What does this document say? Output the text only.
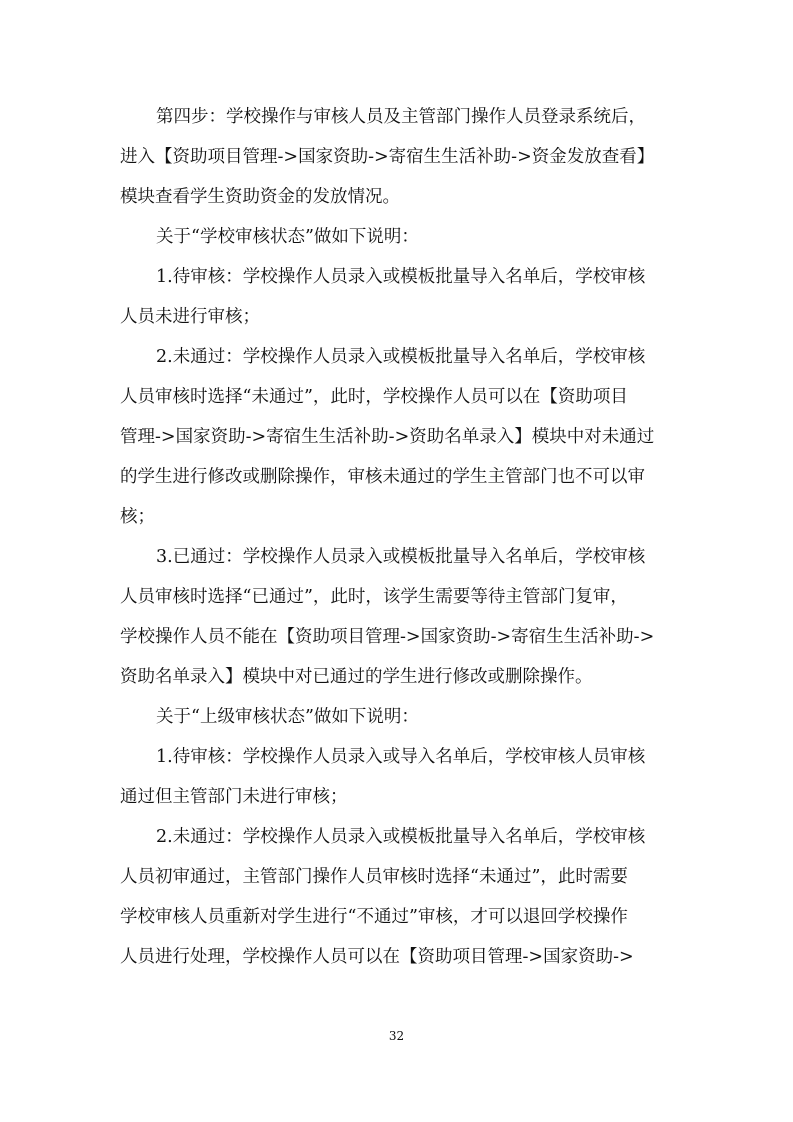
第四步：学校操作与审核人员及主管部门操作人员登录系统后，
进入【资助项目管理->国家资助->寄宿生生活补助->资金发放查看】
模块查看学生资助资金的发放情况。
关于“学校审核状态”做如下说明：
1.待审核：学校操作人员录入或模板批量导入名单后，学校审核
人员未进行审核；
2.未通过：学校操作人员录入或模板批量导入名单后，学校审核
人员审核时选择“未通过”，此时，学校操作人员可以在【资助项目
管理->国家资助->寄宿生生活补助->资助名单录入】模块中对未通过
的学生进行修改或删除操作，审核未通过的学生主管部门也不可以审
核；
3.已通过：学校操作人员录入或模板批量导入名单后，学校审核
人员审核时选择“已通过”，此时，该学生需要等待主管部门复审，
学校操作人员不能在【资助项目管理->国家资助->寄宿生生活补助->
资助名单录入】模块中对已通过的学生进行修改或删除操作。
关于“上级审核状态”做如下说明：
1.待审核：学校操作人员录入或导入名单后，学校审核人员审核
通过但主管部门未进行审核；
2.未通过：学校操作人员录入或模板批量导入名单后，学校审核
人员初审通过，主管部门操作人员审核时选择“未通过”，此时需要
学校审核人员重新对学生进行“不通过”审核，才可以退回学校操作
人员进行处理，学校操作人员可以在【资助项目管理->国家资助->
32
